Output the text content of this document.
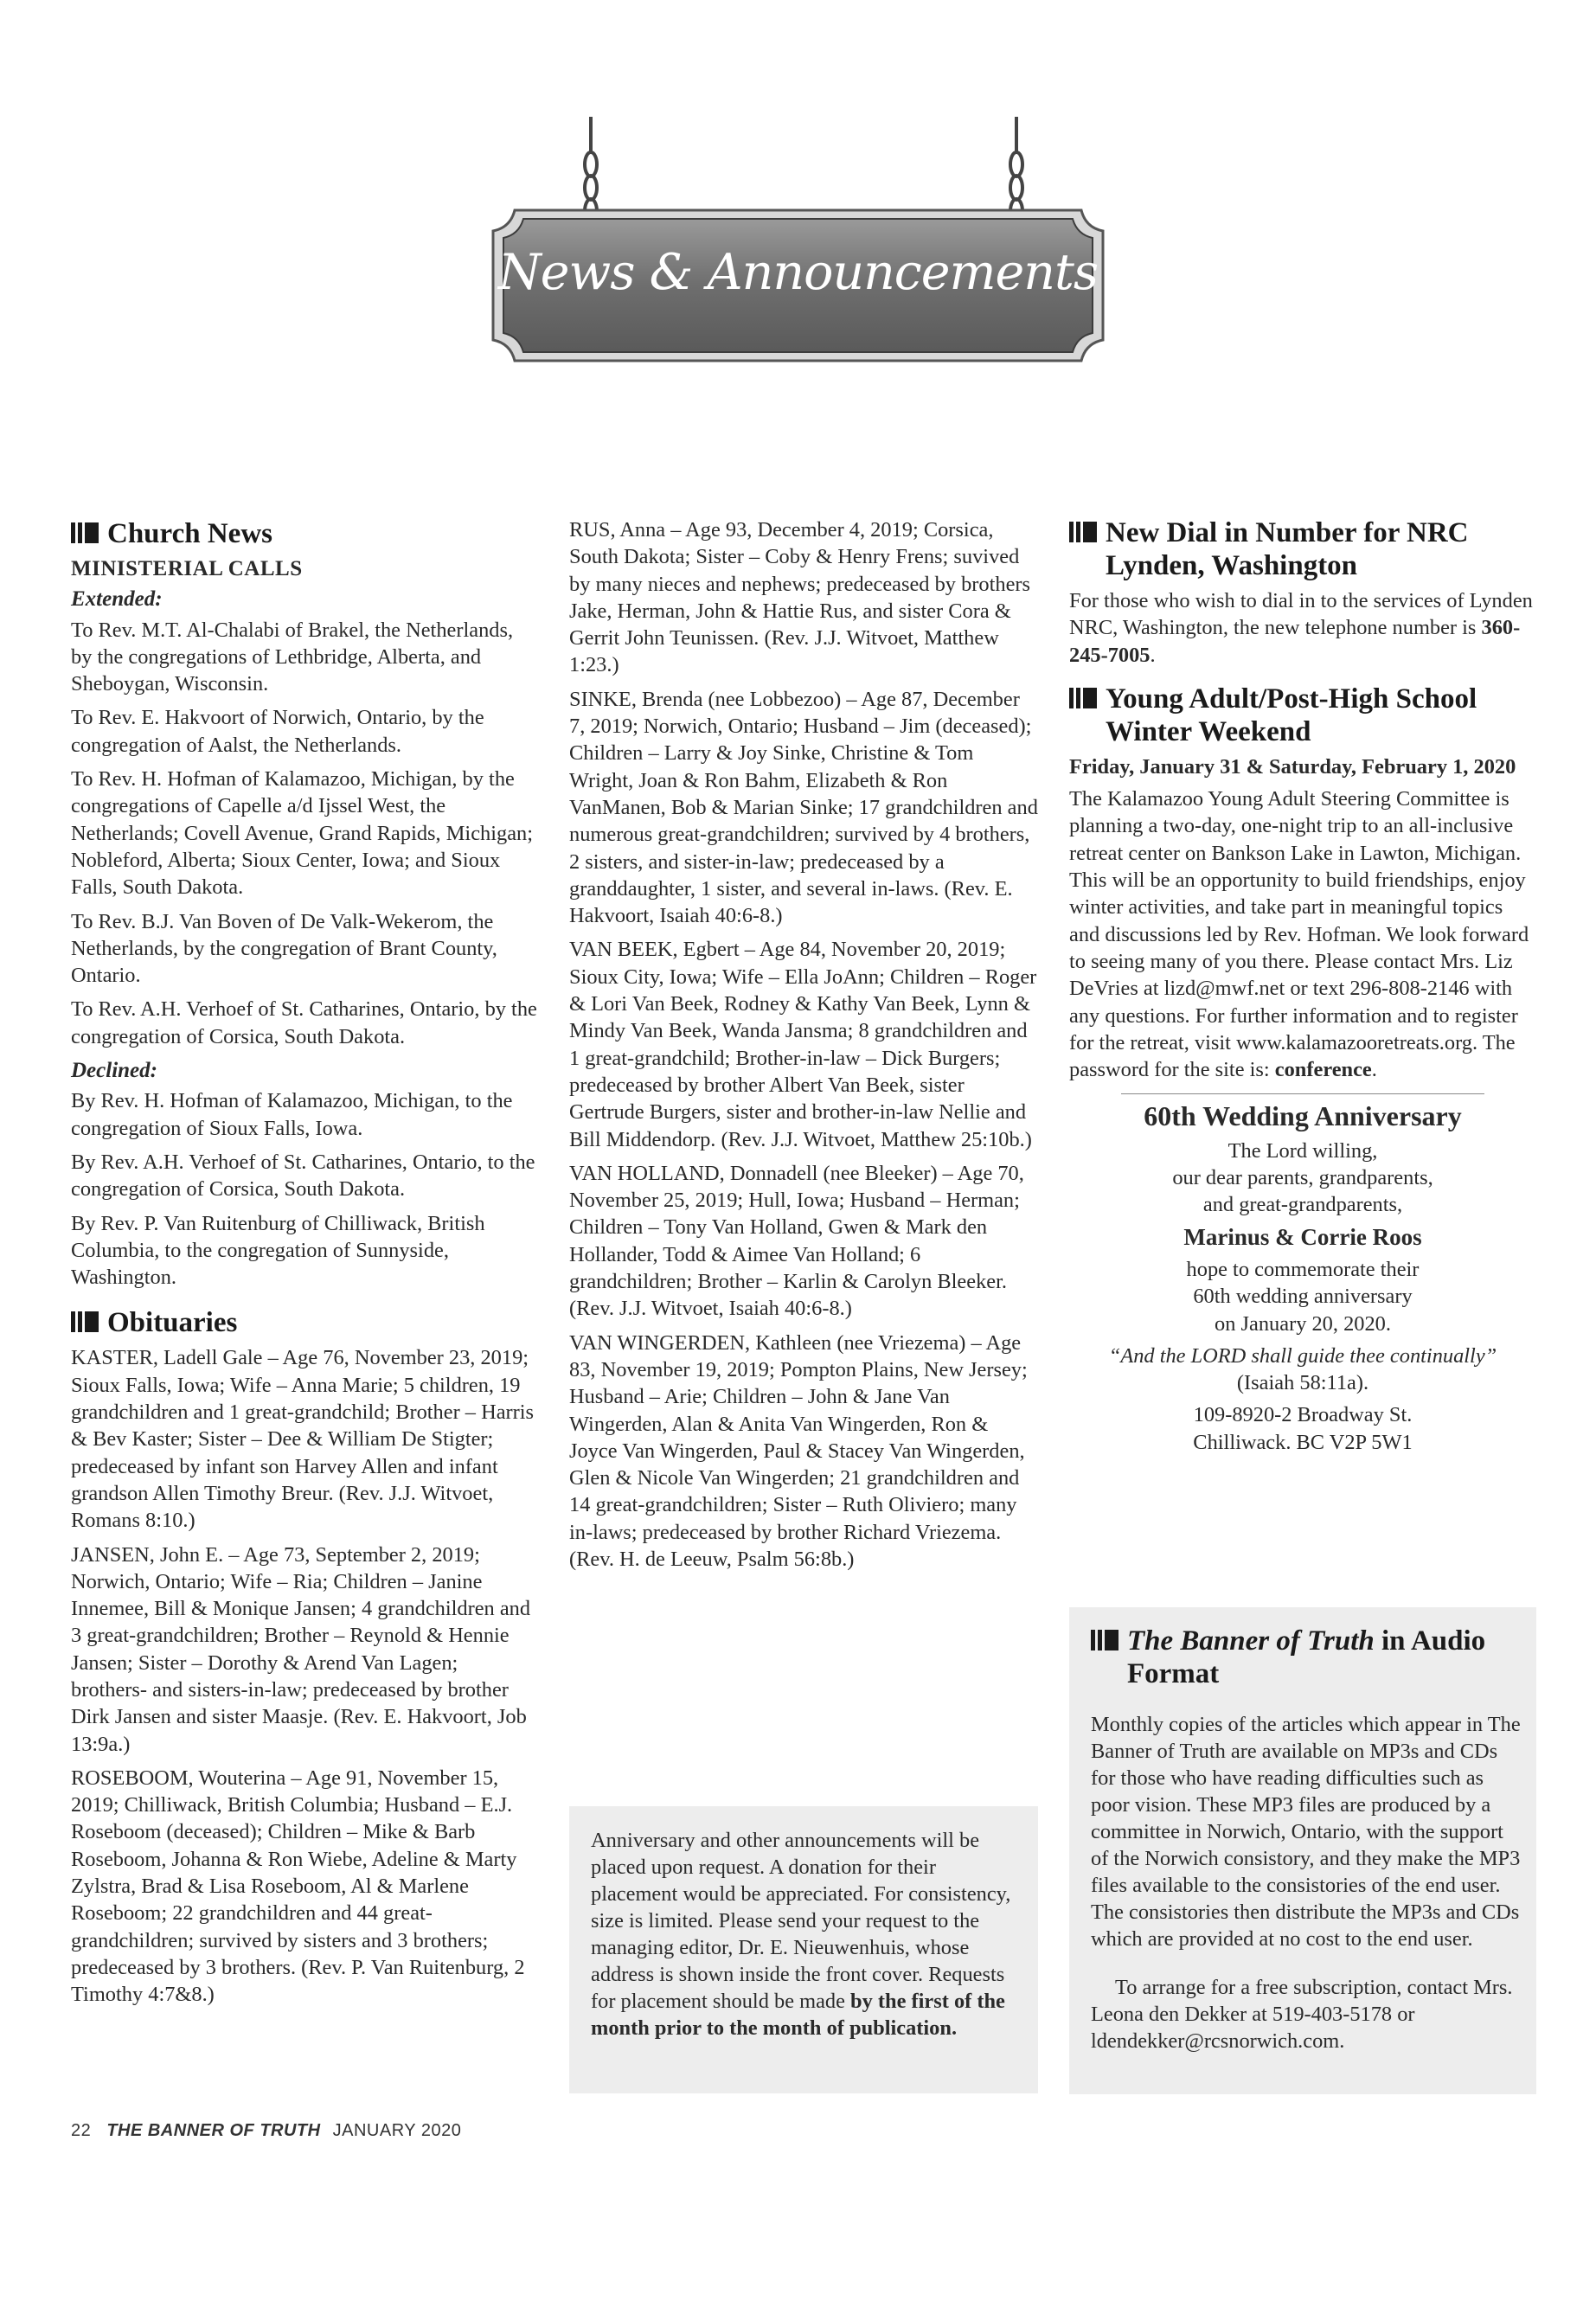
News & Announcements
Church News
MINISTERIAL CALLS
Extended:

To Rev. M.T. Al-Chalabi of Brakel, the Netherlands, by the congregations of Lethbridge, Alberta, and Sheboygan, Wisconsin.

To Rev. E. Hakvoort of Norwich, Ontario, by the congregation of Aalst, the Netherlands.

To Rev. H. Hofman of Kalamazoo, Michigan, by the congregations of Capelle a/d Ijssel West, the Netherlands; Covell Avenue, Grand Rapids, Michigan; Nobleford, Alberta; Sioux Center, Iowa; and Sioux Falls, South Dakota.

To Rev. B.J. Van Boven of De Valk-Wekerom, the Netherlands, by the congregation of Brant County, Ontario.

To Rev. A.H. Verhoef of St. Catharines, Ontario, by the congregation of Corsica, South Dakota.

Declined:

By Rev. H. Hofman of Kalamazoo, Michigan, to the congregation of Sioux Falls, Iowa.

By Rev. A.H. Verhoef of St. Catharines, Ontario, to the congregation of Corsica, South Dakota.

By Rev. P. Van Ruitenburg of Chilliwack, British Columbia, to the congregation of Sunnyside, Washington.

Obituaries

KASTER, Ladell Gale – Age 76, November 23, 2019; Sioux Falls, Iowa; Wife – Anna Marie; 5 children, 19 grandchildren and 1 great-grandchild; Brother – Harris & Bev Kaster; Sister – Dee & William De Stigter; predeceased by infant son Harvey Allen and infant grandson Allen Timothy Breur. (Rev. J.J. Witvoet, Romans 8:10.)

JANSEN, John E. – Age 73, September 2, 2019; Norwich, Ontario; Wife – Ria; Children – Janine Innemee, Bill & Monique Jansen; 4 grandchildren and 3 great-grandchildren; Brother – Reynold & Hennie Jansen; Sister – Dorothy & Arend Van Lagen; brothers- and sisters-in-law; predeceased by brother Dirk Jansen and sister Maasje. (Rev. E. Hakvoort, Job 13:9a.)

ROSEBOOM, Wouterina – Age 91, November 15, 2019; Chilliwack, British Columbia; Husband – E.J. Roseboom (deceased); Children – Mike & Barb Roseboom, Johanna & Ron Wiebe, Adeline & Marty Zylstra, Brad & Lisa Roseboom, Al & Marlene Roseboom; 22 grandchildren and 44 great-grandchildren; survived by sisters and 3 brothers; predeceased by 3 brothers. (Rev. P. Van Ruitenburg, 2 Timothy 4:7&8.)

RUS, Anna – Age 93, December 4, 2019; Corsica, South Dakota; Sister – Coby & Henry Frens; suvived by many nieces and nephews; predeceased by brothers Jake, Herman, John & Hattie Rus, and sister Cora & Gerrit John Teunissen. (Rev. J.J. Witvoet, Matthew 1:23.)

SINKE, Brenda (nee Lobbezoo) – Age 87, December 7, 2019; Norwich, Ontario; Husband – Jim (deceased); Children – Larry & Joy Sinke, Christine & Tom Wright, Joan & Ron Bahm, Elizabeth & Ron VanManen, Bob & Marian Sinke; 17 grandchildren and numerous great-grandchildren; survived by 4 brothers, 2 sisters, and sister-in-law; predeceased by a granddaughter, 1 sister, and several in-laws. (Rev. E. Hakvoort, Isaiah 40:6-8.)

VAN BEEK, Egbert – Age 84, November 20, 2019; Sioux City, Iowa; Wife – Ella JoAnn; Children – Roger & Lori Van Beek, Rodney & Kathy Van Beek, Lynn & Mindy Van Beek, Wanda Jansma; 8 grandchildren and 1 great-grandchild; Brother-in-law – Dick Burgers; predeceased by brother Albert Van Beek, sister Gertrude Burgers, sister and brother-in-law Nellie and Bill Middendorp. (Rev. J.J. Witvoet, Matthew 25:10b.)

VAN HOLLAND, Donnadell (nee Bleeker) – Age 70, November 25, 2019; Hull, Iowa; Husband – Herman; Children – Tony Van Holland, Gwen & Mark den Hollander, Todd & Aimee Van Holland; 6 grandchildren; Brother – Karlin & Carolyn Bleeker. (Rev. J.J. Witvoet, Isaiah 40:6-8.)

VAN WINGERDEN, Kathleen (nee Vriezema) – Age 83, November 19, 2019; Pompton Plains, New Jersey; Husband – Arie; Children – John & Jane Van Wingerden, Alan & Anita Van Wingerden, Ron & Joyce Van Wingerden, Paul & Stacey Van Wingerden, Glen & Nicole Van Wingerden; 21 grandchildren and 14 great-grandchildren; Sister – Ruth Oliviero; many in-laws; predeceased by brother Richard Vriezema. (Rev. H. de Leeuw, Psalm 56:8b.)

Anniversary and other announcements will be placed upon request. A donation for their placement would be appreciated. For consistency, size is limited. Please send your request to the managing editor, Dr. E. Nieuwenhuis, whose address is shown inside the front cover. Requests for placement should be made by the first of the month prior to the month of publication.
New Dial in Number for NRC Lynden, Washington

For those who wish to dial in to the services of Lynden NRC, Washington, the new telephone number is 360-245-7005.

Young Adult/Post-High School Winter Weekend
Friday, January 31 & Saturday, February 1, 2020

The Kalamazoo Young Adult Steering Committee is planning a two-day, one-night trip to an all-inclusive retreat center on Bankson Lake in Lawton, Michigan. This will be an opportunity to build friendships, enjoy winter activities, and take part in meaningful topics and discussions led by Rev. Hofman. We look forward to seeing many of you there. Please contact Mrs. Liz DeVries at lizd@mwf.net or text 296-808-2146 with any questions. For further information and to register for the retreat, visit www.kalamazooretreats.org. The password for the site is: conference.

60th Wedding Anniversary
The Lord willing,
our dear parents, grandparents,
and great-grandparents,
Marinus & Corrie Roos
hope to commemorate their
60th wedding anniversary
on January 20, 2020.
“And the LORD shall guide thee continually”
(Isaiah 58:11a).
109-8920-2 Broadway St.
Chilliwack. BC V2P 5W1
The Banner of Truth in Audio Format

Monthly copies of the articles which appear in The Banner of Truth are available on MP3s and CDs for those who have reading difficulties such as poor vision. These MP3 files are produced by a committee in Norwich, Ontario, with the support of the Norwich consistory, and they make the MP3 files available to the consistories of the end user. The consistories then distribute the MP3s and CDs which are provided at no cost to the end user.

To arrange for a free subscription, contact Mrs. Leona den Dekker at 519-403-5178 or ldendekker@rcsnorwich.com.

22 THE BANNER OF TRUTH JANUARY 2020
